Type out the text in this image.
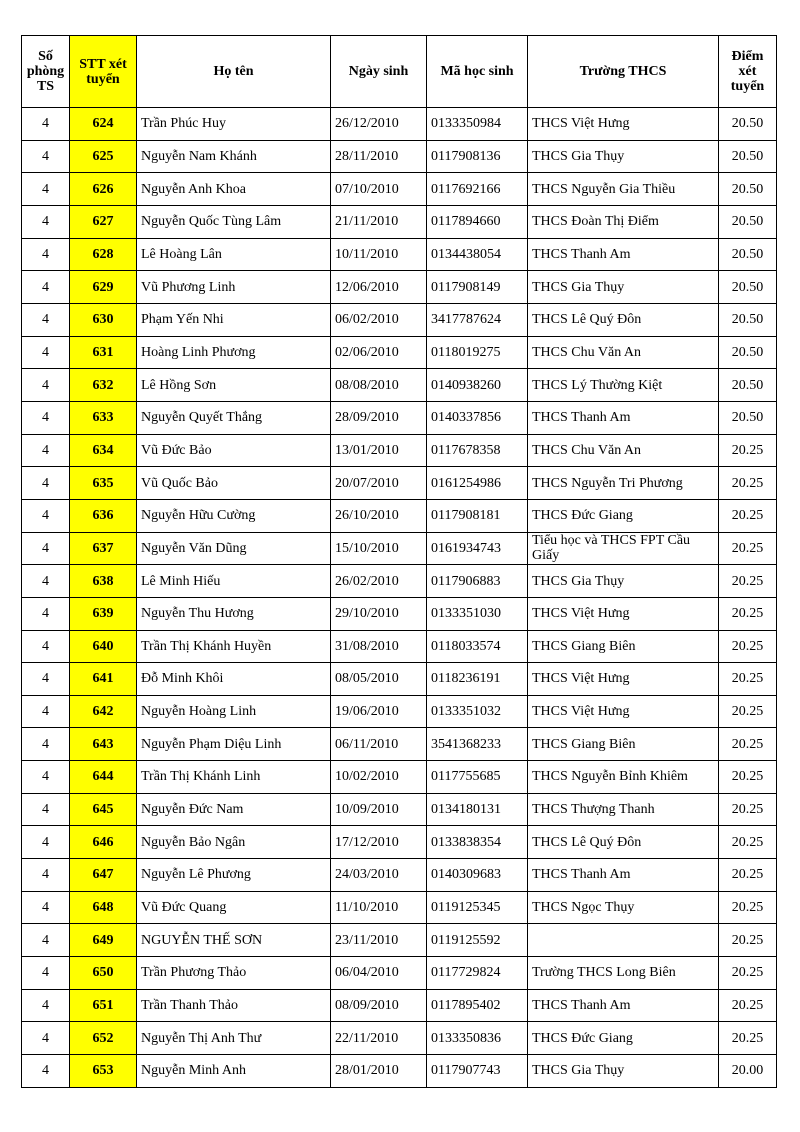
Số phòng TS	STT xét tuyển	Họ tên	Ngày sinh	Mã học sinh	Trường THCS	Điểm xét tuyển
4	624	Trần Phúc Huy	26/12/2010	0133350984	THCS Việt Hưng	20.50
4	625	Nguyễn Nam Khánh	28/11/2010	0117908136	THCS Gia Thụy	20.50
4	626	Nguyễn Anh Khoa	07/10/2010	0117692166	THCS Nguyễn Gia Thiều	20.50
4	627	Nguyễn Quốc Tùng Lâm	21/11/2010	0117894660	THCS Đoàn Thị Điểm	20.50
4	628	Lê Hoàng Lân	10/11/2010	0134438054	THCS Thanh Am	20.50
4	629	Vũ Phương Linh	12/06/2010	0117908149	THCS Gia Thụy	20.50
4	630	Phạm Yến Nhi	06/02/2010	3417787624	THCS Lê Quý Đôn	20.50
4	631	Hoàng Linh Phương	02/06/2010	0118019275	THCS Chu Văn An	20.50
4	632	Lê Hồng Sơn	08/08/2010	0140938260	THCS Lý Thường Kiệt	20.50
4	633	Nguyễn Quyết Thắng	28/09/2010	0140337856	THCS Thanh Am	20.50
4	634	Vũ Đức Bảo	13/01/2010	0117678358	THCS Chu Văn An	20.25
4	635	Vũ Quốc Bảo	20/07/2010	0161254986	THCS Nguyễn Tri Phương	20.25
4	636	Nguyễn Hữu Cường	26/10/2010	0117908181	THCS Đức Giang	20.25
4	637	Nguyễn Văn Dũng	15/10/2010	0161934743	Tiểu học và THCS FPT Cầu Giấy	20.25
4	638	Lê Minh Hiếu	26/02/2010	0117906883	THCS Gia Thụy	20.25
4	639	Nguyễn Thu Hương	29/10/2010	0133351030	THCS Việt Hưng	20.25
4	640	Trần Thị Khánh Huyền	31/08/2010	0118033574	THCS Giang Biên	20.25
4	641	Đỗ Minh Khôi	08/05/2010	0118236191	THCS Việt Hưng	20.25
4	642	Nguyễn Hoàng Linh	19/06/2010	0133351032	THCS Việt Hưng	20.25
4	643	Nguyễn Phạm Diệu Linh	06/11/2010	3541368233	THCS Giang Biên	20.25
4	644	Trần Thị Khánh Linh	10/02/2010	0117755685	THCS Nguyễn Bỉnh Khiêm	20.25
4	645	Nguyễn Đức Nam	10/09/2010	0134180131	THCS Thượng Thanh	20.25
4	646	Nguyễn Bảo Ngân	17/12/2010	0133838354	THCS Lê Quý Đôn	20.25
4	647	Nguyễn Lê Phương	24/03/2010	0140309683	THCS Thanh Am	20.25
4	648	Vũ Đức Quang	11/10/2010	0119125345	THCS Ngọc Thụy	20.25
4	649	NGUYỄN THẾ SƠN	23/11/2010	0119125592		20.25
4	650	Trần Phương Thảo	06/04/2010	0117729824	Trường THCS Long Biên	20.25
4	651	Trần Thanh Thảo	08/09/2010	0117895402	THCS Thanh Am	20.25
4	652	Nguyễn Thị Anh Thư	22/11/2010	0133350836	THCS Đức Giang	20.25
4	653	Nguyễn Minh Anh	28/01/2010	0117907743	THCS Gia Thụy	20.00
